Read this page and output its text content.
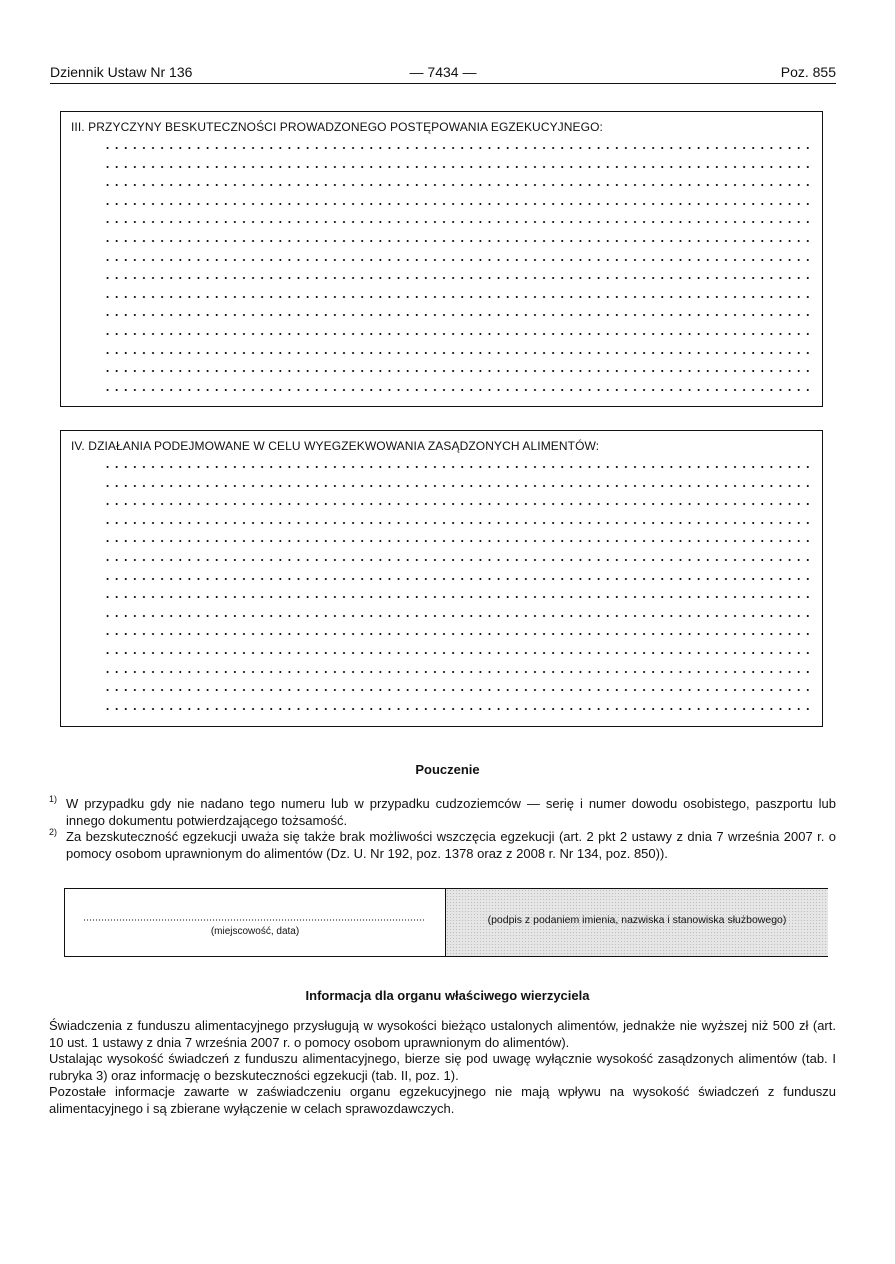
Dziennik Ustaw Nr 136	— 7434 —	Poz. 855
III. PRZYCZYNY BESKUTECZNOŚCI PROWADZONEGO POSTĘPOWANIA EGZEKUCYJNEGO:
IV. DZIAŁANIA PODEJMOWANE W CELU WYEGZEKWOWANIA ZASĄDZONYCH ALIMENTÓW:
Pouczenie
1) W przypadku gdy nie nadano tego numeru lub w przypadku cudzoziemców — serię i numer dowodu osobistego, paszportu lub innego dokumentu potwierdzającego tożsamość.
2) Za bezskuteczność egzekucji uważa się także brak możliwości wszczęcia egzekucji (art. 2 pkt 2 ustawy z dnia 7 września 2007 r. o pomocy osobom uprawnionym do alimentów (Dz. U. Nr 192, poz. 1378 oraz z 2008 r. Nr 134, poz. 850)).
(miejscowość, data)
(podpis z podaniem imienia, nazwiska i stanowiska służbowego)
Informacja dla organu właściwego wierzyciela

Świadczenia z funduszu alimentacyjnego przysługują w wysokości bieżąco ustalonych alimentów, jednakże nie wyższej niż 500 zł (art. 10 ust. 1 ustawy z dnia 7 września 2007 r. o pomocy osobom uprawnionym do alimentów).

Ustalając wysokość świadczeń z funduszu alimentacyjnego, bierze się pod uwagę wyłącznie wysokość zasądzonych alimentów (tab. I rubryka 3) oraz informację o bezskuteczności egzekucji (tab. II, poz. 1).

Pozostałe informacje zawarte w zaświadczeniu organu egzekucyjnego nie mają wpływu na wysokość świadczeń z funduszu alimentacyjnego i są zbierane wyłączenie w celach sprawozdawczych.
